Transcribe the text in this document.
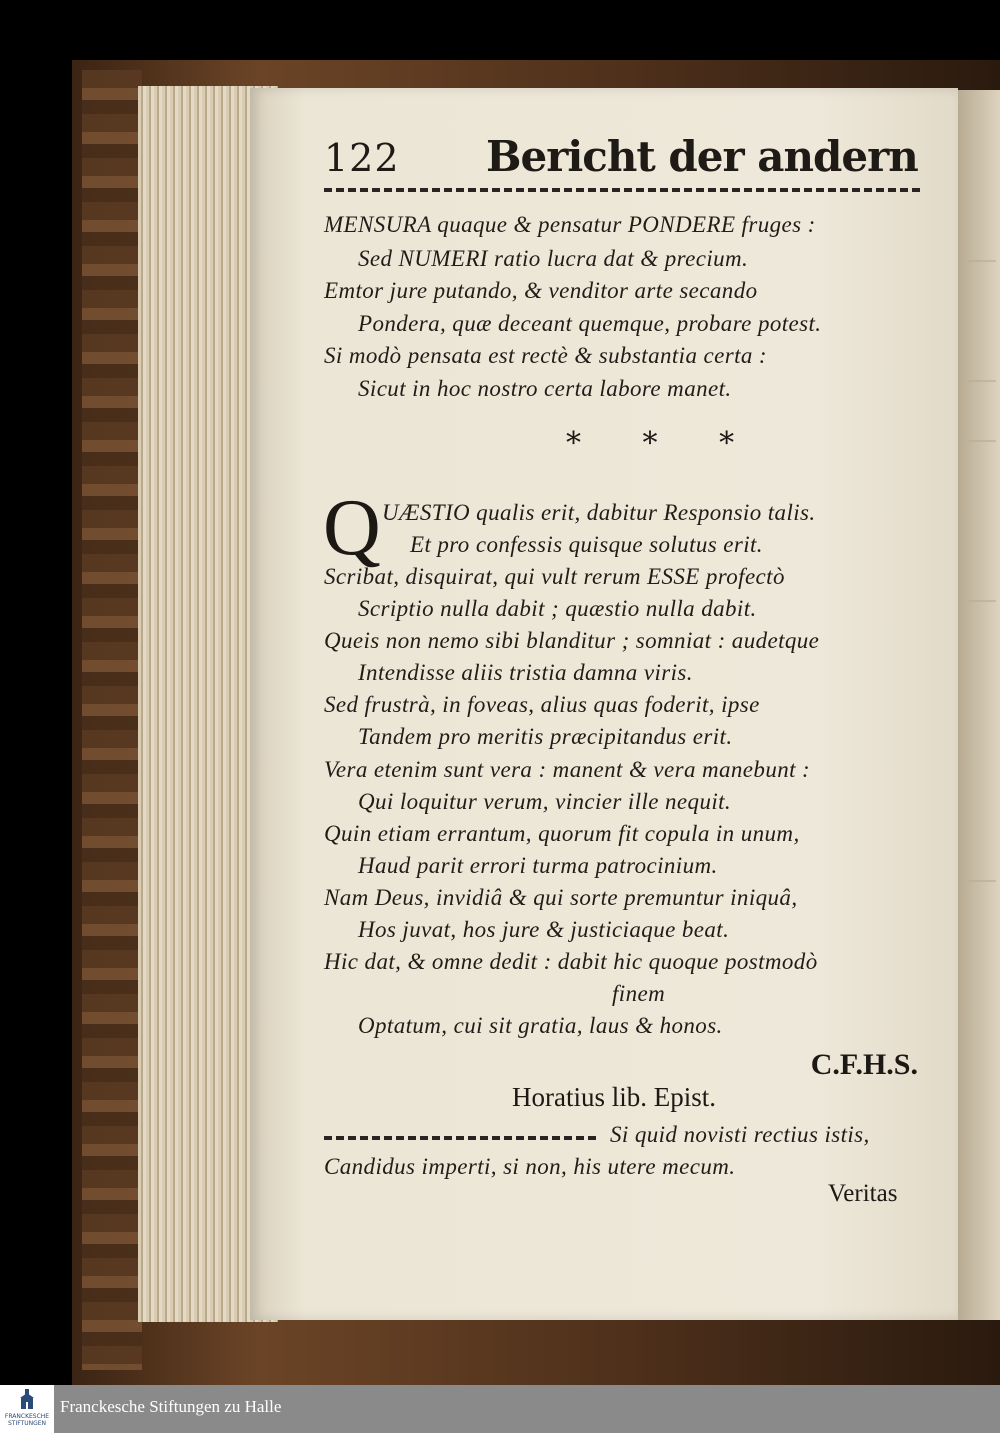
122 Bericht der andern
MENSURA quaque & pensatur PONDERE fruges :
Sed NUMERI ratio lucra dat & precium.
Emtor jure putando, & venditor arte secando
Pondera, quæ deceant quemque, probare potest.
Si modò pensata est rectè & substantia certa :
Sicut in hoc nostro certa labore manet.
* * *
Q UÆSTIO qualis erit, dabitur Responsio talis.
Et pro confessis quisque solutus erit.
Scribat, disquirat, qui vult rerum ESSE profectò
Scriptio nulla dabit ; quæstio nulla dabit.
Queis non nemo sibi blanditur ; somniat : audetque
Intendisse aliis tristia damna viris.
Sed frustrà, in foveas, alius quas foderit, ipse
Tandem pro meritis præcipitandus erit.
Vera etenim sunt vera : manent & vera manebunt :
Qui loquitur verum, vincier ille nequit.
Quin etiam errantum, quorum fit copula in unum,
Haud parit errori turma patrocinium.
Nam Deus, invidiâ & qui sorte premuntur iniquâ,
Hos juvat, hos jure & justiciaque beat.
Hic dat, & omne dedit : dabit hic quoque postmodò
finem
Optatum, cui sit gratia, laus & honos.
C.F.H.S.
Horatius lib. Epist.
Si quid novisti rectius istis,
Candidus imperti, si non, his utere mecum.
Veritas
FRANCKESCHE STIFTUNGEN
Franckesche Stiftungen zu Halle
